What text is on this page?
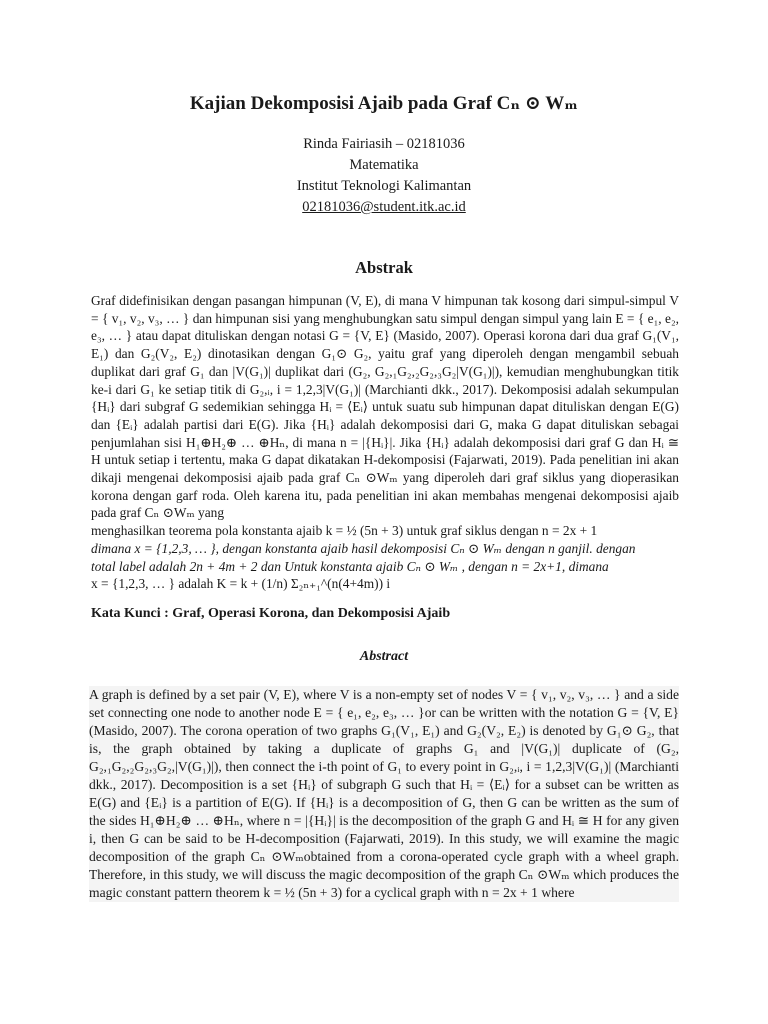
Kajian Dekomposisi Ajaib pada Graf Cₙ ⊙ Wₘ
Rinda Fairiasih – 02181036
Matematika
Institut Teknologi Kalimantan
02181036@student.itk.ac.id
Abstrak

Graf didefinisikan dengan pasangan himpunan (V, E), di mana V himpunan tak kosong dari simpul-simpul V = { v₁, v₂, v₃, … } dan himpunan sisi yang menghubungkan satu simpul dengan simpul yang lain E = { e₁, e₂, e₃, … } atau dapat dituliskan dengan notasi G = {V, E} (Masido, 2007). Operasi korona dari dua graf G₁(V₁, E₁) dan G₂(V₂, E₂) dinotasikan dengan G₁⊙ G₂, yaitu graf yang diperoleh dengan mengambil sebuah duplikat dari graf G₁ dan |V(G₁)| duplikat dari (G₂, G₂,₁G₂,₂G₂,₃G₂|V(G₁)|), kemudian menghubungkan titik ke-i dari G₁ ke setiap titik di G₂,ᵢ, i = 1,2,3|V(G₁)| (Marchianti dkk., 2017). Dekomposisi adalah sekumpulan {Hᵢ} dari subgraf G sedemikian sehingga Hᵢ = ⟨Eᵢ⟩ untuk suatu sub himpunan dapat dituliskan dengan E(G) dan {Eᵢ} adalah partisi dari E(G). Jika {Hᵢ} adalah dekomposisi dari G, maka G dapat dituliskan sebagai penjumlahan sisi H₁⊕H₂⊕ … ⊕Hₙ, di mana n = |{Hᵢ}|. Jika {Hᵢ} adalah dekomposisi dari graf G dan Hᵢ ≅ H untuk setiap i tertentu, maka G dapat dikatakan H-dekomposisi (Fajarwati, 2019). Pada penelitian ini akan dikaji mengenai dekomposisi ajaib pada graf Cₙ ⊙Wₘ yang diperoleh dari graf siklus yang dioperasikan korona dengan garf roda. Oleh karena itu, pada penelitian ini akan membahas mengenai dekomposisi ajaib pada graf Cₙ ⊙Wₘ yang

menghasilkan teorema pola konstanta ajaib k = ½ (5n + 3) untuk graf siklus dengan n = 2x + 1
dimana x = {1,2,3, … }, dengan konstanta ajaib hasil dekomposisi Cₙ ⊙ Wₘ dengan n ganjil. dengan
total label adalah 2n + 4m + 2 dan Untuk konstanta ajaib Cₙ ⊙ Wₘ , dengan n = 2x+1, dimana
x = {1,2,3, … } adalah K = k + (1/n) Σ₂ₙ₊₁^(n(4+4m)) i
Kata Kunci : Graf, Operasi Korona, dan Dekomposisi Ajaib
Abstract

A graph is defined by a set pair (V, E), where V is a non-empty set of nodes V = { v₁, v₂, v₃, … } and a side set connecting one node to another node E = { e₁, e₂, e₃, … }or can be written with the notation G = {V, E} (Masido, 2007). The corona operation of two graphs G₁(V₁, E₁) and G₂(V₂, E₂) is denoted by G₁⊙ G₂, that is, the graph obtained by taking a duplicate of graphs G₁ and |V(G₁)| duplicate of (G₂, G₂,₁G₂,₂G₂,₃G₂,|V(G₁)|), then connect the i-th point of G₁ to every point in G₂,ᵢ, i = 1,2,3|V(G₁)| (Marchianti dkk., 2017). Decomposition is a set {Hᵢ} of subgraph G such that Hᵢ = ⟨Eᵢ⟩ for a subset can be written as E(G) and {Eᵢ} is a partition of E(G). If {Hᵢ} is a decomposition of G, then G can be written as the sum of the sides H₁⊕H₂⊕ … ⊕Hₙ, where n = |{Hᵢ}| is the decomposition of the graph G and Hᵢ ≅ H for any given i, then G can be said to be H-decomposition (Fajarwati, 2019). In this study, we will examine the magic decomposition of the graph Cₙ ⊙Wₘobtained from a corona-operated cycle graph with a wheel graph. Therefore, in this study, we will discuss the magic decomposition of the graph Cₙ ⊙Wₘ which produces the magic constant pattern theorem k = ½ (5n + 3) for a cyclical graph with n = 2x + 1 where
